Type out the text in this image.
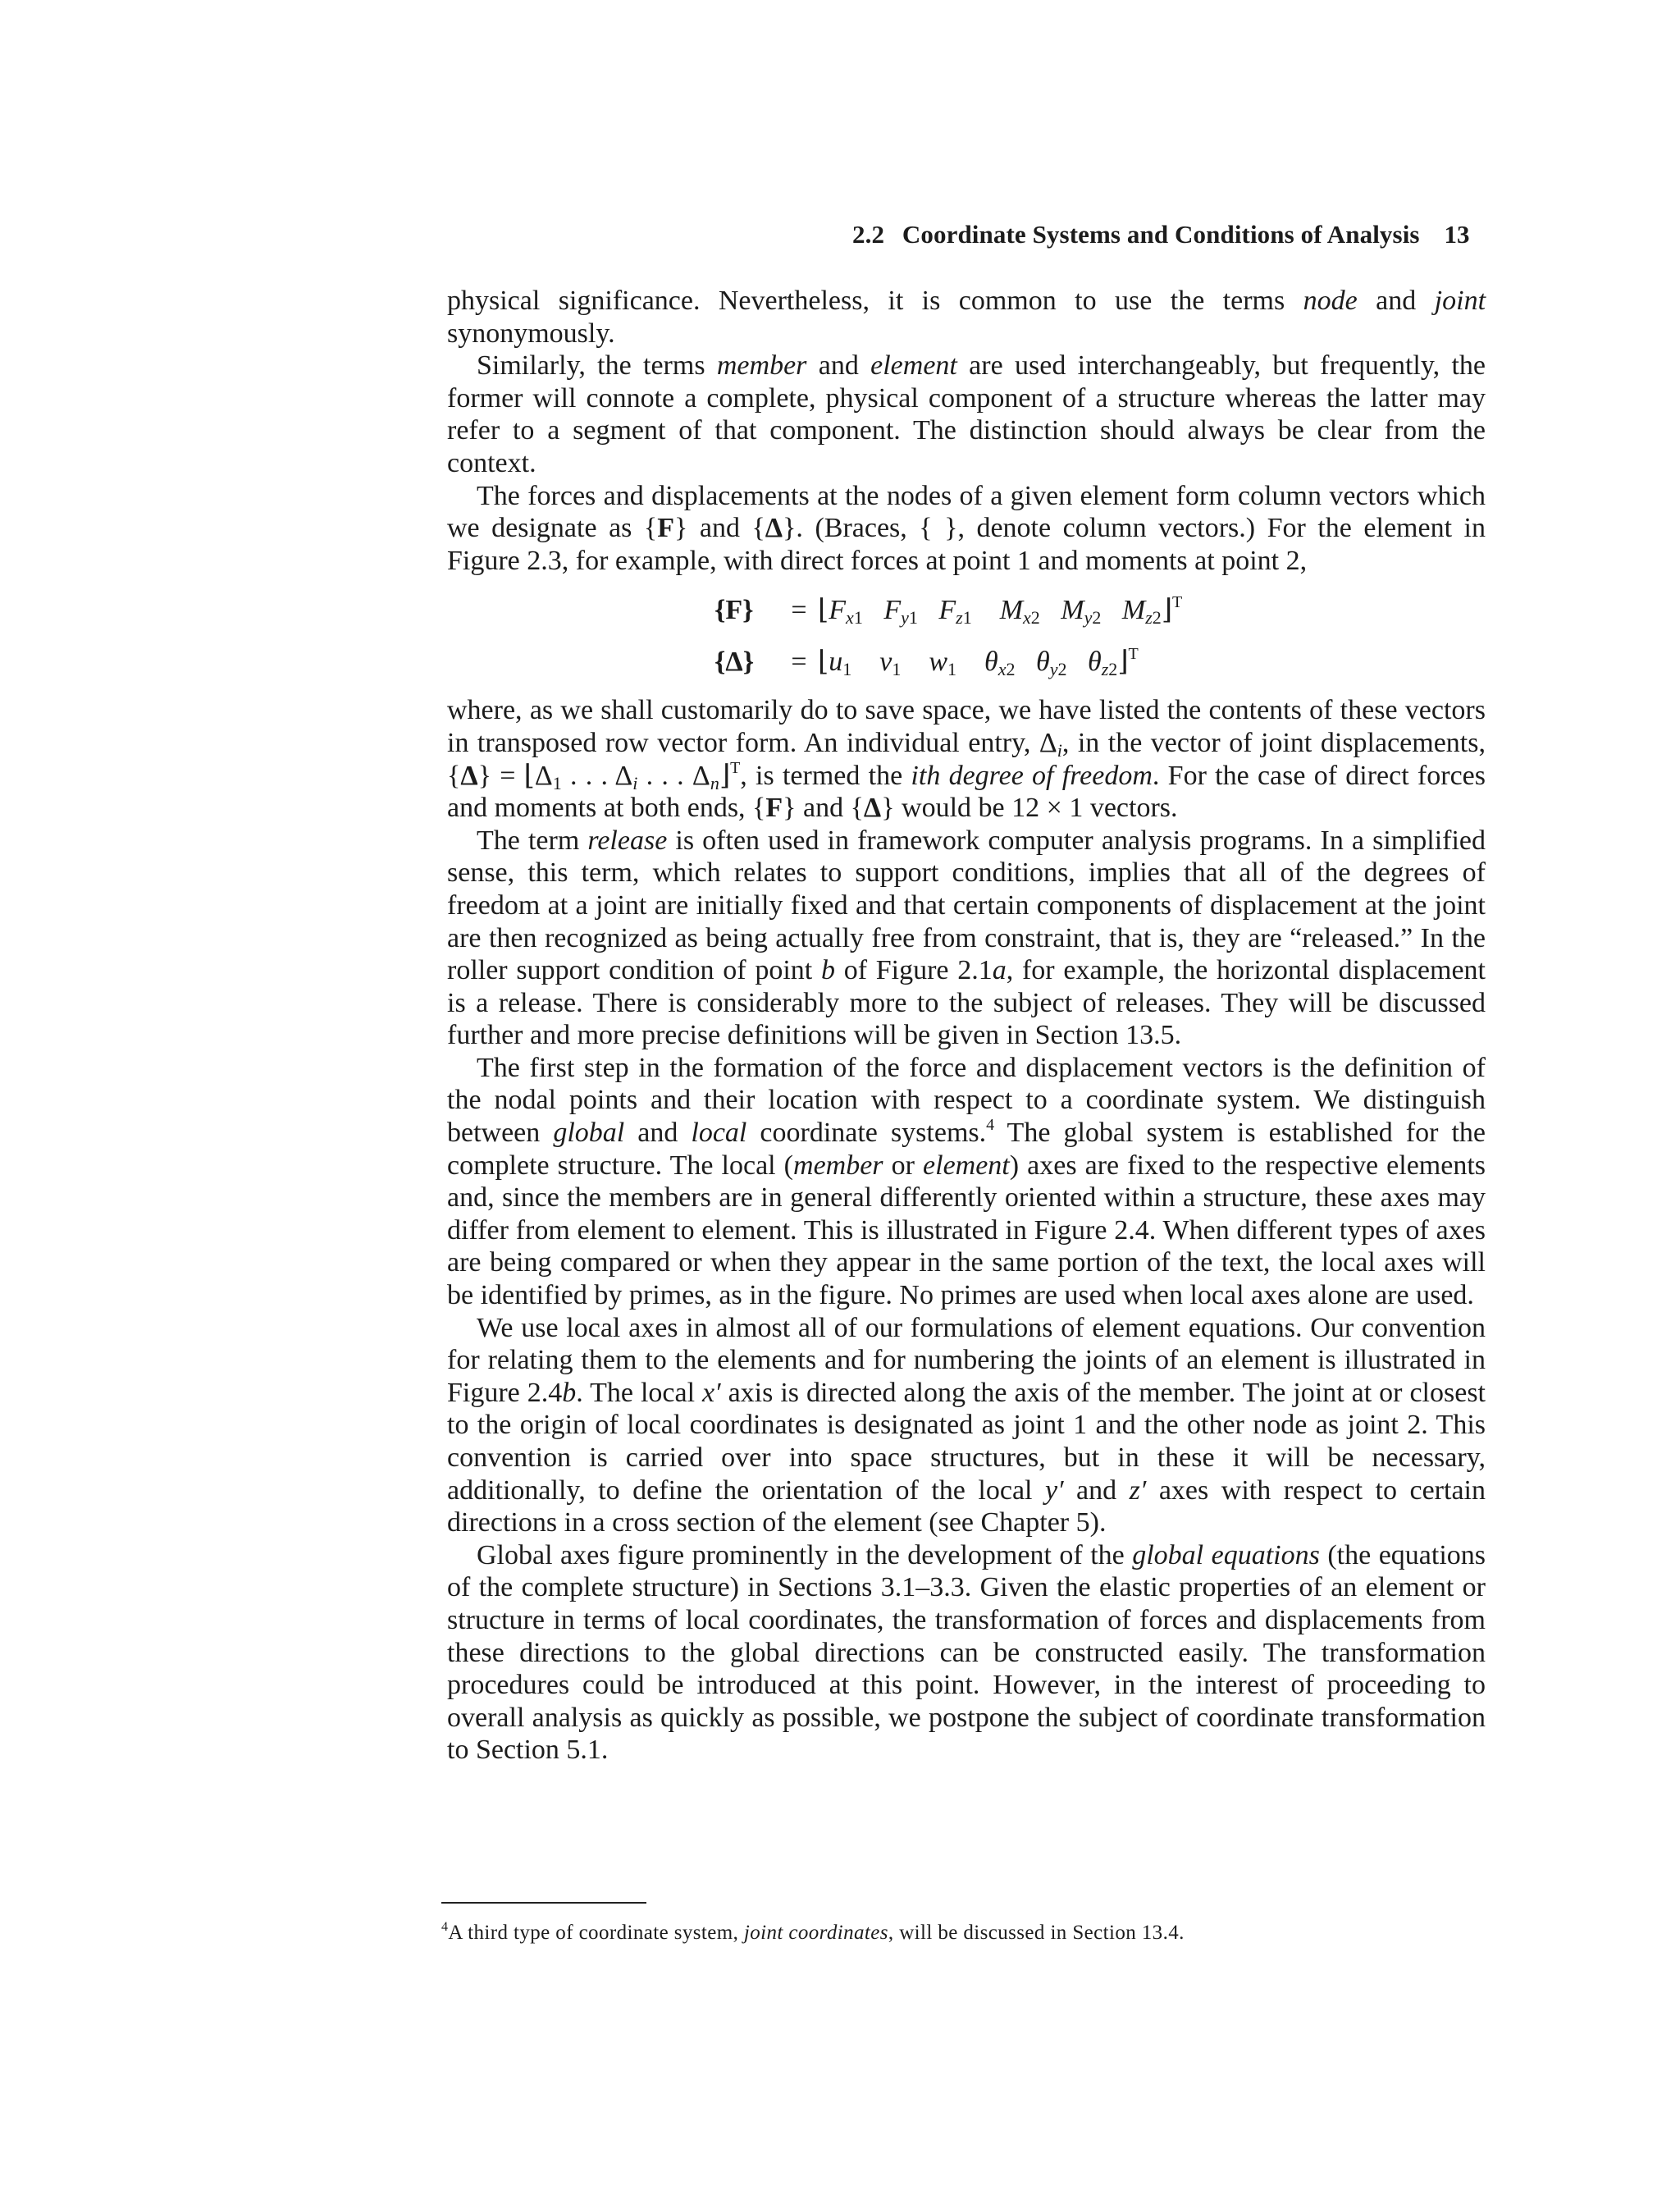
2.2 Coordinate Systems and Conditions of Analysis 13

physical significance. Nevertheless, it is common to use the terms node and joint synonymously.

Similarly, the terms member and element are used interchangeably, but frequently, the former will connote a complete, physical component of a structure whereas the latter may refer to a segment of that component. The distinction should always be clear from the context.

The forces and displacements at the nodes of a given element form column vectors which we designate as {F} and {Δ}. (Braces, { }, denote column vectors.) For the element in Figure 2.3, for example, with direct forces at point 1 and moments at point 2,

{F}	= ⌊Fx1   Fy1   Fz1    Mx2   My2   Mz2⌋$^T$
{Δ}	= ⌊u1    v1    w1    θx2   θy2   θz2⌋$^T$

where, as we shall customarily do to save space, we have listed the contents of these vectors in transposed row vector form. An individual entry, Δi, in the vector of joint displacements, {Δ} = ⌊Δ1 . . . Δi . . . Δn⌋$^T$, is termed the ith degree of freedom. For the case of direct forces and moments at both ends, {F} and {Δ} would be 12 × 1 vectors.

The term release is often used in framework computer analysis programs. In a simplified sense, this term, which relates to support conditions, implies that all of the degrees of freedom at a joint are initially fixed and that certain components of displacement at the joint are then recognized as being actually free from constraint, that is, they are “released.” In the roller support condition of point b of Figure 2.1a, for example, the horizontal displacement is a release. There is considerably more to the subject of releases. They will be discussed further and more precise definitions will be given in Section 13.5.

The first step in the formation of the force and displacement vectors is the definition of the nodal points and their location with respect to a coordinate system. We distinguish between global and local coordinate systems.$^4$ The global system is established for the complete structure. The local (member or element) axes are fixed to the respective elements and, since the members are in general differently oriented within a structure, these axes may differ from element to element. This is illustrated in Figure 2.4. When different types of axes are being compared or when they appear in the same portion of the text, the local axes will be identified by primes, as in the figure. No primes are used when local axes alone are used.

We use local axes in almost all of our formulations of element equations. Our convention for relating them to the elements and for numbering the joints of an element is illustrated in Figure 2.4b. The local x′ axis is directed along the axis of the member. The joint at or closest to the origin of local coordinates is designated as joint 1 and the other node as joint 2. This convention is carried over into space structures, but in these it will be necessary, additionally, to define the orientation of the local y′ and z′ axes with respect to certain directions in a cross section of the element (see Chapter 5).

Global axes figure prominently in the development of the global equations (the equations of the complete structure) in Sections 3.1–3.3. Given the elastic properties of an element or structure in terms of local coordinates, the transformation of forces and displacements from these directions to the global directions can be constructed easily. The transformation procedures could be introduced at this point. However, in the interest of proceeding to overall analysis as quickly as possible, we postpone the subject of coordinate transformation to Section 5.1.

$^4$A third type of coordinate system, joint coordinates, will be discussed in Section 13.4.
